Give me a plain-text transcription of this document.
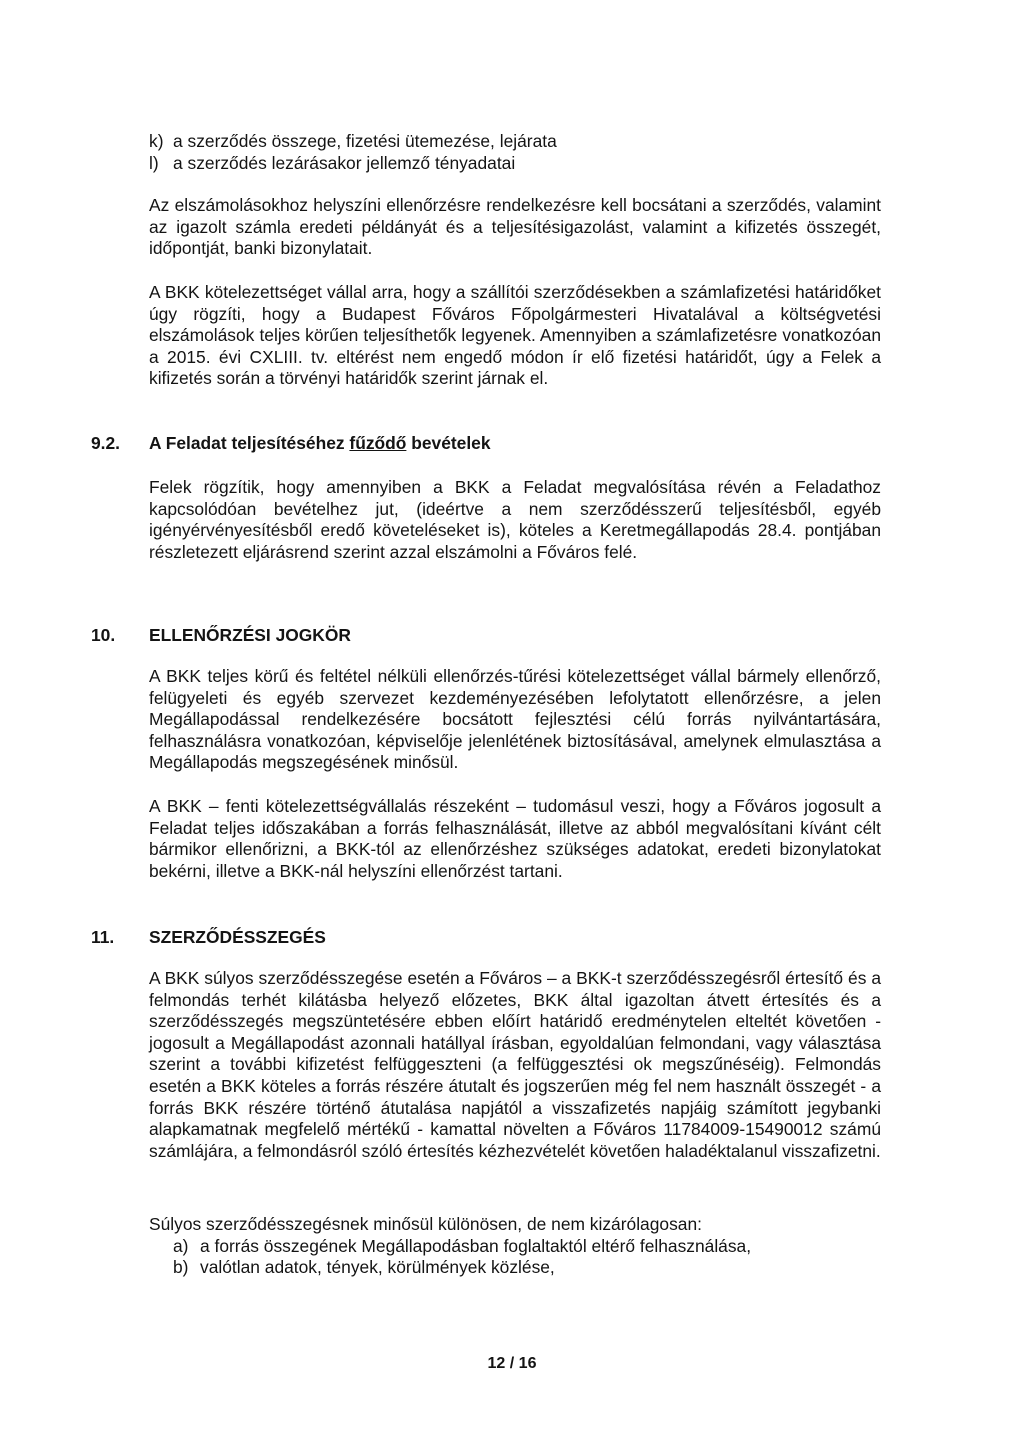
k) a szerződés összege, fizetési ütemezése, lejárata
l) a szerződés lezárásakor jellemző tényadatai

Az elszámolásokhoz helyszíni ellenőrzésre rendelkezésre kell bocsátani a szerződés, valamint az igazolt számla eredeti példányát és a teljesítésigazolást, valamint a kifizetés összegét, időpontját, banki bizonylatait.

A BKK kötelezettséget vállal arra, hogy a szállítói szerződésekben a számlafizetési határidőket úgy rögzíti, hogy a Budapest Főváros Főpolgármesteri Hivatalával a költségvetési elszámolások teljes körűen teljesíthetők legyenek. Amennyiben a számlafizetésre vonatkozóan a 2015. évi CXLIII. tv. eltérést nem engedő módon ír elő fizetési határidőt, úgy a Felek a kifizetés során a törvényi határidők szerint járnak el.

9.2. A Feladat teljesítéséhez fűződő bevételek

Felek rögzítik, hogy amennyiben a BKK a Feladat megvalósítása révén a Feladathoz kapcsolódóan bevételhez jut, (ideértve a nem szerződésszerű teljesítésből, egyéb igényérvényesítésből eredő követeléseket is), köteles a Keretmegállapodás 28.4. pontjában részletezett eljárásrend szerint azzal elszámolni a Főváros felé.

10. ELLENŐRZÉSI JOGKÖR

A BKK teljes körű és feltétel nélküli ellenőrzés-tűrési kötelezettséget vállal bármely ellenőrző, felügyeleti és egyéb szervezet kezdeményezésében lefolytatott ellenőrzésre, a jelen Megállapodással rendelkezésére bocsátott fejlesztési célú forrás nyilvántartására, felhasználásra vonatkozóan, képviselője jelenlétének biztosításával, amelynek elmulasztása a Megállapodás megszegésének minősül.

A BKK – fenti kötelezettségvállalás részeként – tudomásul veszi, hogy a Főváros jogosult a Feladat teljes időszakában a forrás felhasználását, illetve az abból megvalósítani kívánt célt bármikor ellenőrizni, a BKK-tól az ellenőrzéshez szükséges adatokat, eredeti bizonylatokat bekérni, illetve a BKK-nál helyszíni ellenőrzést tartani.

11. SZERZŐDÉSSZEGÉS

A BKK súlyos szerződésszegése esetén a Főváros – a BKK-t szerződésszegésről értesítő és a felmondás terhét kilátásba helyező előzetes, BKK által igazoltan átvett értesítés és a szerződésszegés megszüntetésére ebben előírt határidő eredménytelen elteltét követően - jogosult a Megállapodást azonnali hatállyal írásban, egyoldalúan felmondani, vagy választása szerint a további kifizetést felfüggeszteni (a felfüggesztési ok megszűnéséig). Felmondás esetén a BKK köteles a forrás részére átutalt és jogszerűen még fel nem használt összegét - a forrás BKK részére történő átutalása napjától a visszafizetés napjáig számított jegybanki alapkamatnak megfelelő mértékű - kamattal növelten a Főváros 11784009-15490012 számú számlájára, a felmondásról szóló értesítés kézhezvételét követően haladéktalanul visszafizetni.

Súlyos szerződésszegésnek minősül különösen, de nem kizárólagosan:
a) a forrás összegének Megállapodásban foglaltaktól eltérő felhasználása,
b) valótlan adatok, tények, körülmények közlése,
12 / 16
